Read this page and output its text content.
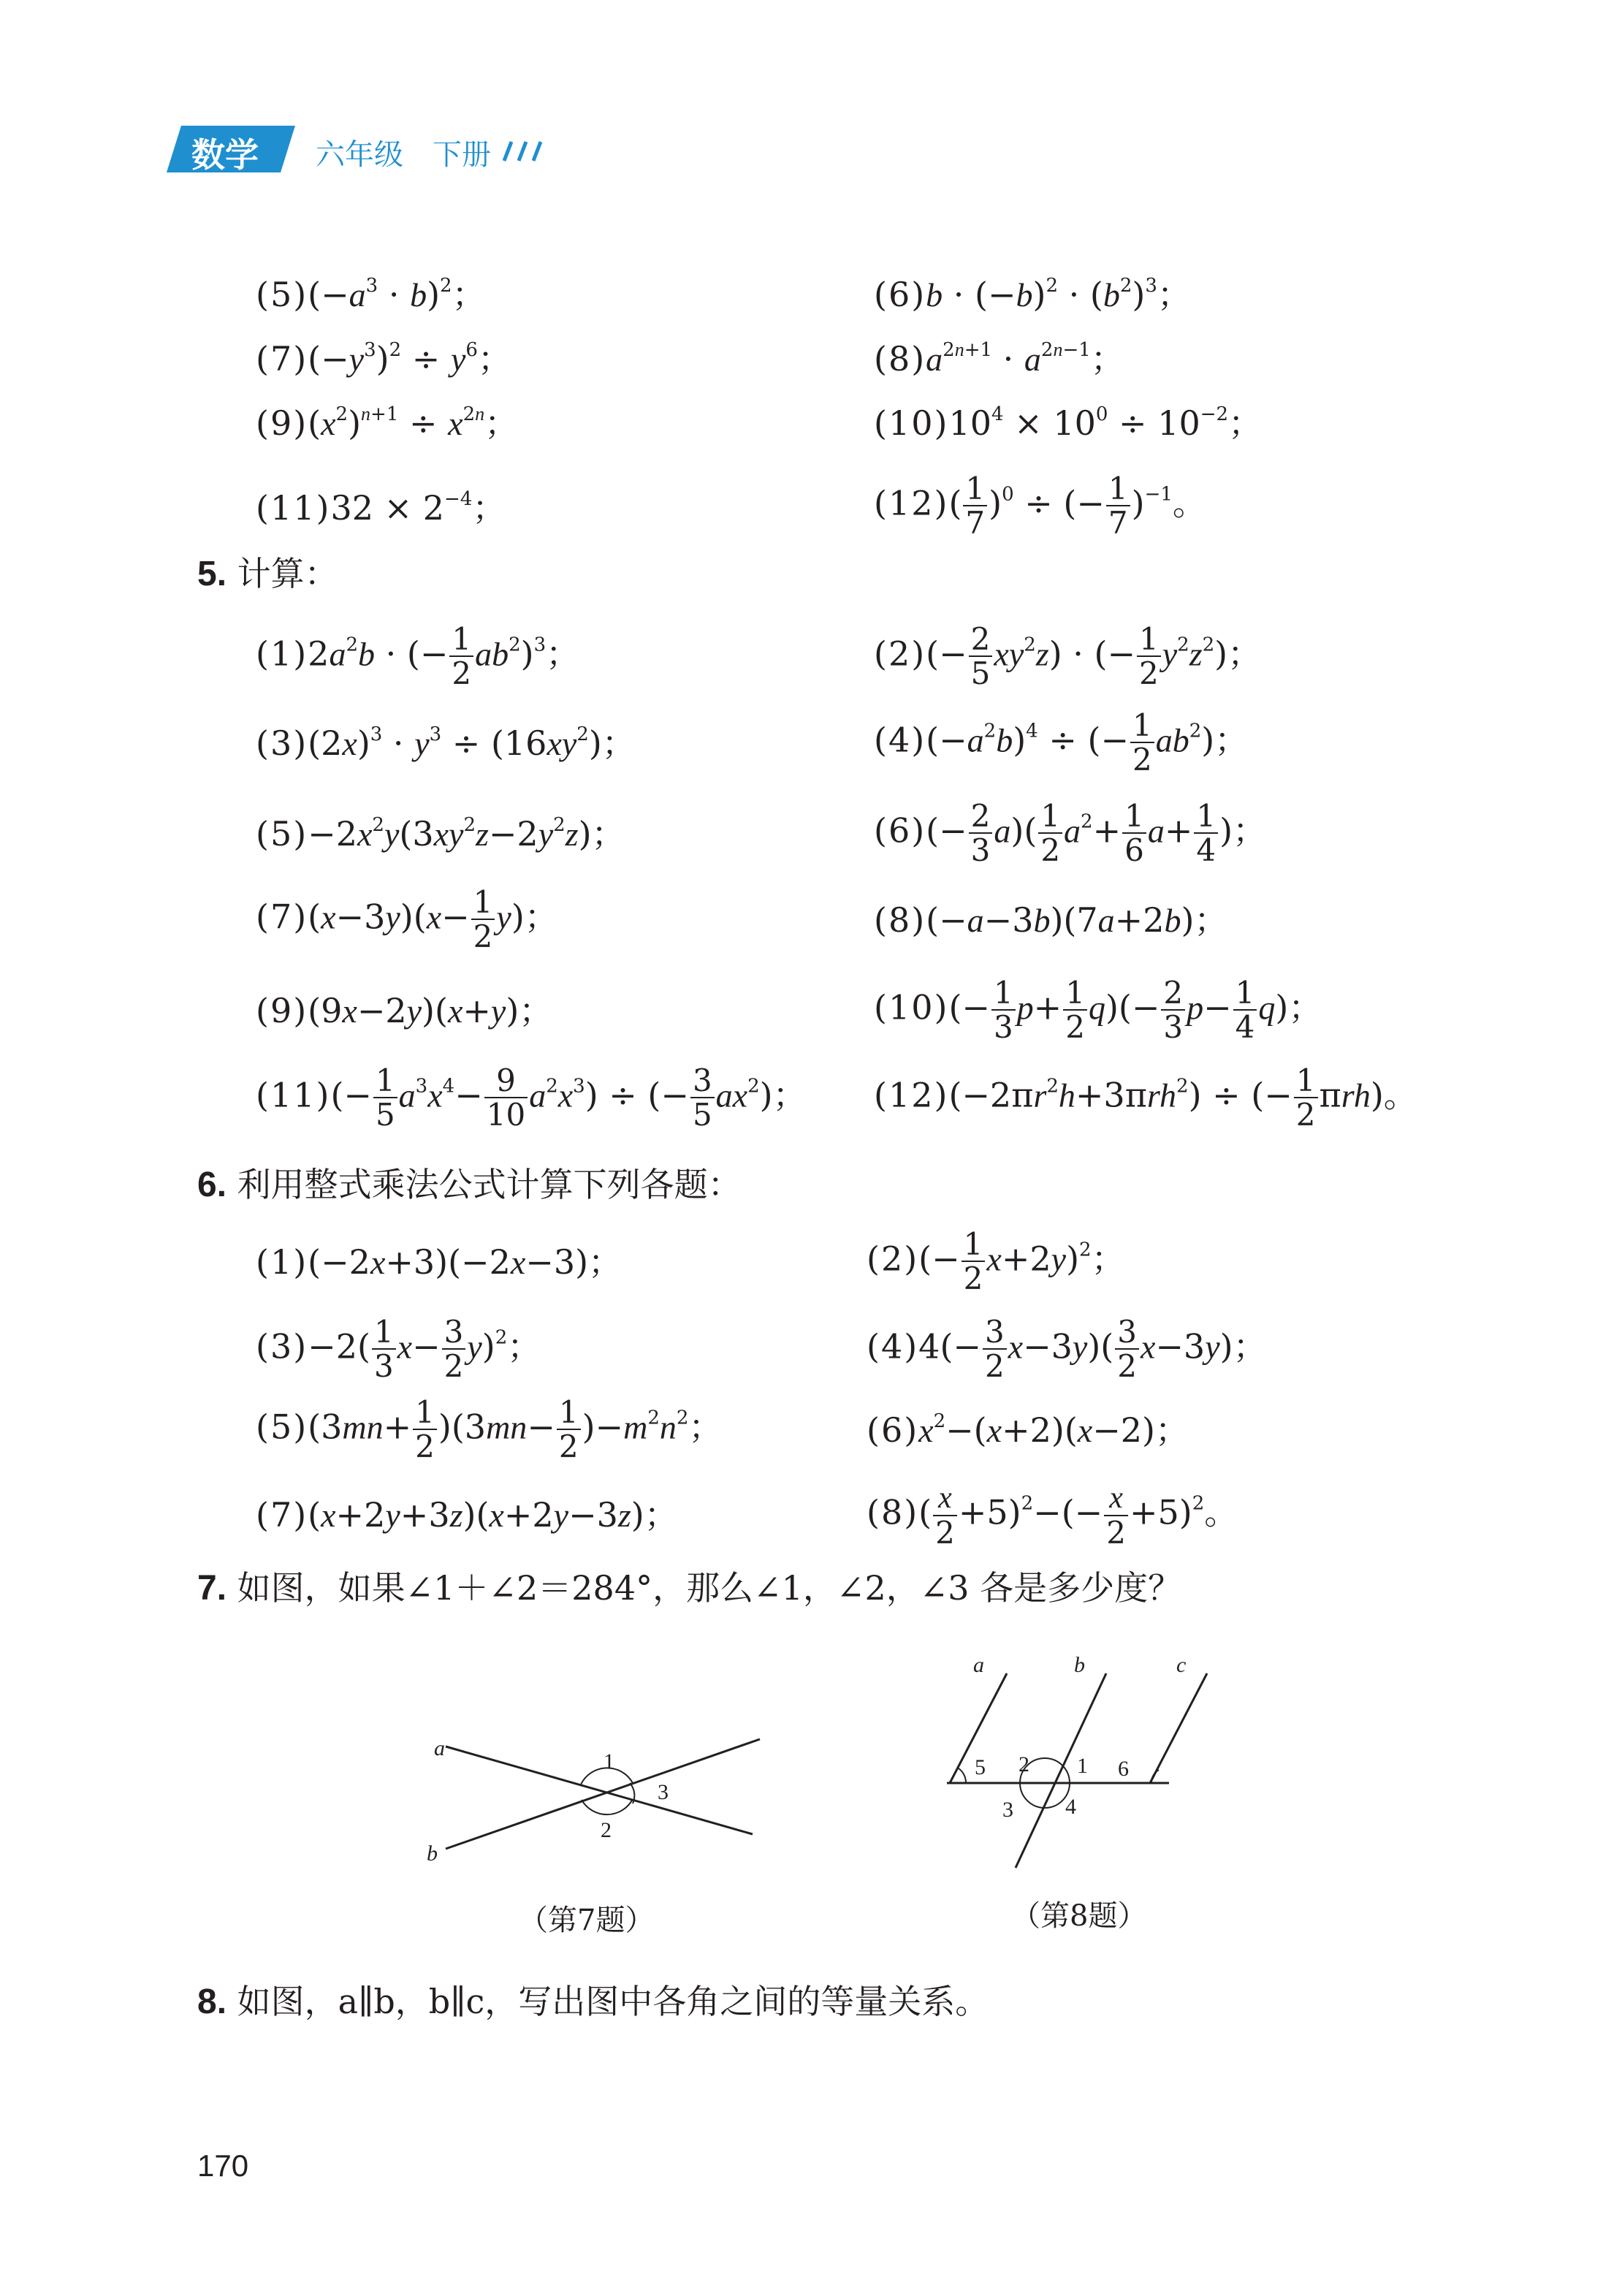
数学 六年级 下册
$(5)(-a^3 \cdot b)^2$；	$(6)b \cdot (-b)^2 \cdot (b^2)^3$；
$(7)(-y^3)^2 \div y^6$；	$(8)a^{2n+1} \cdot a^{2n-1}$；
$(9)(x^2)^{n+1} \div x^{2n}$；	$(10)10^4 \times 10^0 \div 10^{-2}$；
$(11)32 \times 2^{-4}$；	$(12)( \frac{1}{7} )^0$ ÷ (− $\frac{1}{7} )^{-1}$。
5. 计算：
$(1)2a^2b$ · (− $\frac{1}{2} ab^2)^3$；	$(2)(- \frac{2}{5} xy^2z)$ · (− $\frac{1}{2} y^2z^2$)；
$(3)(2x)^3 \cdot y^3 \div (16xy^2)$；	$(4)(-a^2b)^4$ ÷ (− $\frac{1}{2} ab^2$)；
$(5)-2x^2y(3xy^2z-2y^2z)$；	$(6)(- \frac{2}{3} a)( \frac{1}{2} a^2+ \frac{1}{6} a+ \frac{1}{4}$ )；
$(7)(x-3y)(x- \frac{1}{2} y)$；	(8)(−a−3b)(7a+2b)；
(9)(9x−2y)(x+y)；	$(10)(- \frac{1}{3} p+ \frac{1}{2} q)(- \frac{2}{3} p- \frac{1}{4} q)$；
$(11)(- \frac{1}{5} a^3x^4- \frac{9}{10} a^2x^3)$ ÷ (− $\frac{3}{5} ax^2$)； $(12)(-2\pi r^2h+3\pi rh^2)$ ÷ (− $\frac{1}{2} \pi rh$)。
6. 利用整式乘法公式计算下列各题：
(1)(−2x+3)(−2x−3)；	$(2)(- \frac{1}{2} x+2y)^2$；
$(3)-2( \frac{1}{3} x- \frac{3}{2} y)^2$；	$(4)4(- \frac{3}{2} x-3y)( \frac{3}{2} x-3y)$；
$(5)(3mn+ \frac{1}{2} )(3mn- \frac{1}{2} )-m^2n^2$；	$(6)x^2-(x+2)(x-2)$；
(7)(x+2y+3z)(x+2y−3z)；	$(8)( \frac{x}{2} +5)^2-(- \frac{x}{2} +5)^2$。
7. 如图，如果∠1＋∠2＝284°，那么∠1，∠2，∠3 各是多少度？
a
b
1
3
2
（第7题）
a	b	c
5 2 1 6
3 4
（第8题）
8. 如图，a∥b，b∥c，写出图中各角之间的等量关系。
170
